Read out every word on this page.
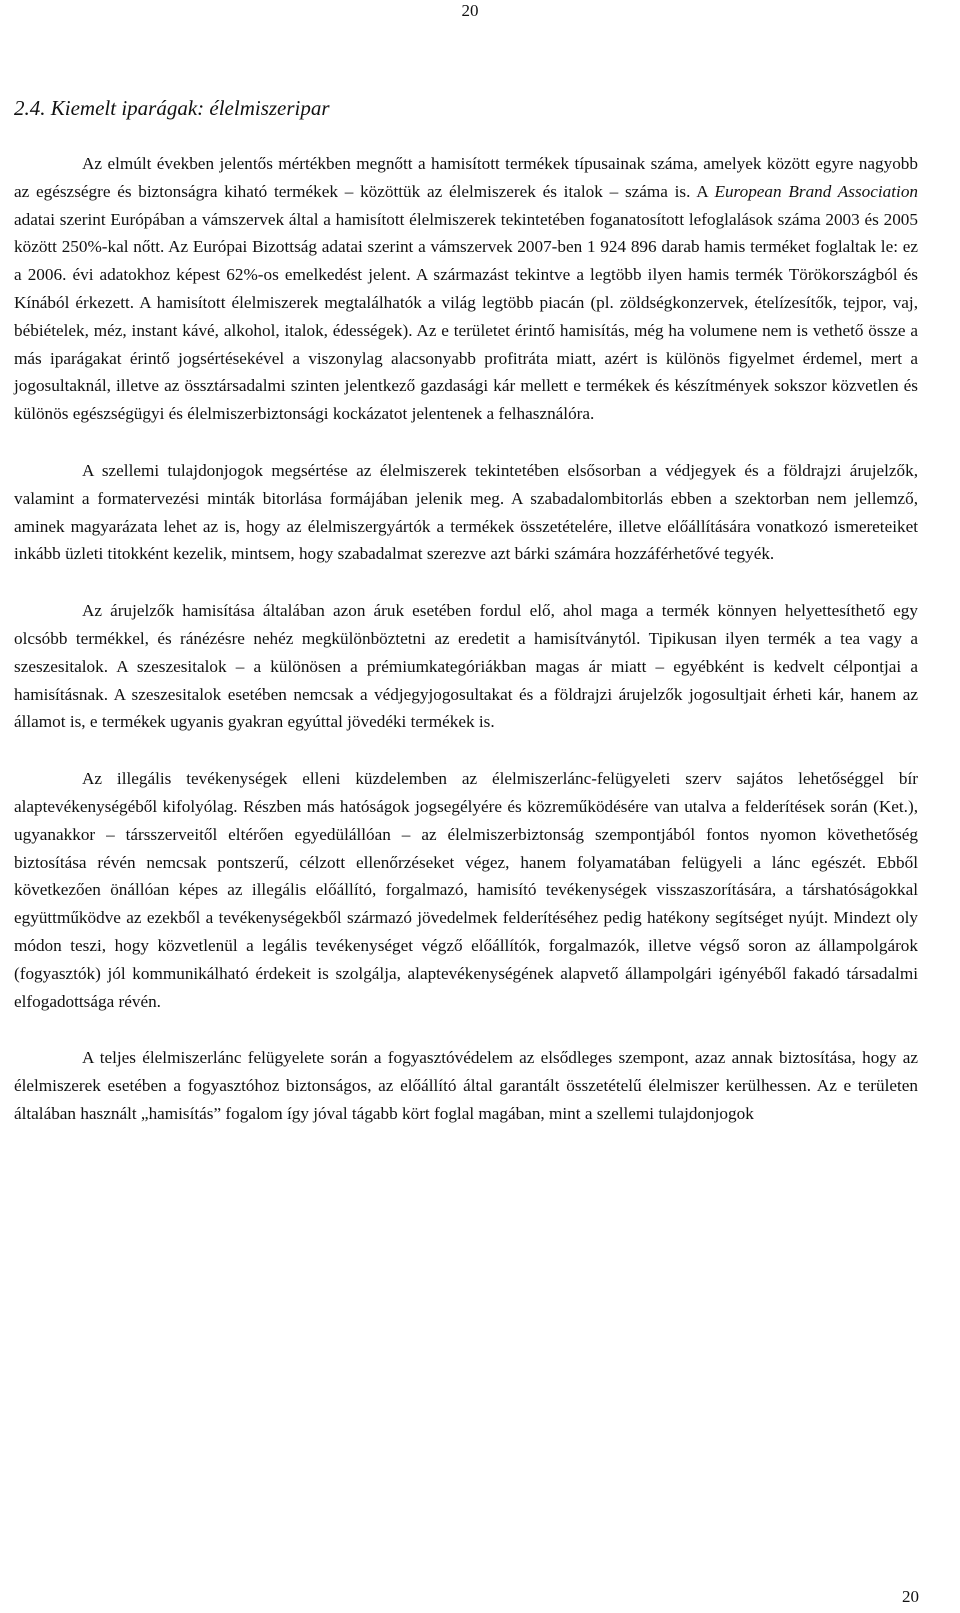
20
2.4. Kiemelt iparágak: élelmiszeripar

Az elmúlt években jelentős mértékben megnőtt a hamisított termékek típusainak száma, amelyek között egyre nagyobb az egészségre és biztonságra kiható termékek – közöttük az élelmiszerek és italok – száma is. A European Brand Association adatai szerint Európában a vámszervek által a hamisított élelmiszerek tekintetében foganatosított lefoglalások száma 2003 és 2005 között 250%-kal nőtt. Az Európai Bizottság adatai szerint a vámszervek 2007-ben 1 924 896 darab hamis terméket foglaltak le: ez a 2006. évi adatokhoz képest 62%-os emelkedést jelent. A származást tekintve a legtöbb ilyen hamis termék Törökországból és Kínából érkezett. A hamisított élelmiszerek megtalálhatók a világ legtöbb piacán (pl. zöldségkonzervek, ételízesítők, tejpor, vaj, bébiételek, méz, instant kávé, alkohol, italok, édességek). Az e területet érintő hamisítás, még ha volumene nem is vethető össze a más iparágakat érintő jogsértésekével a viszonylag alacsonyabb profitráta miatt, azért is különös figyelmet érdemel, mert a jogosultaknál, illetve az össztársadalmi szinten jelentkező gazdasági kár mellett e termékek és készítmények sokszor közvetlen és különös egészségügyi és élelmiszerbiztonsági kockázatot jelentenek a felhasználóra.

A szellemi tulajdonjogok megsértése az élelmiszerek tekintetében elsősorban a védjegyek és a földrajzi árujelzők, valamint a formatervezési minták bitorlása formájában jelenik meg. A szabadalombitorlás ebben a szektorban nem jellemző, aminek magyarázata lehet az is, hogy az élelmiszergyártók a termékek összetételére, illetve előállítására vonatkozó ismereteiket inkább üzleti titokként kezelik, mintsem, hogy szabadalmat szerezve azt bárki számára hozzáférhetővé tegyék.

Az árujelzők hamisítása általában azon áruk esetében fordul elő, ahol maga a termék könnyen helyettesíthető egy olcsóbb termékkel, és ránézésre nehéz megkülönböztetni az eredetit a hamisítványtól. Tipikusan ilyen termék a tea vagy a szeszesitalok. A szeszesitalok – a különösen a prémiumkategóriákban magas ár miatt – egyébként is kedvelt célpontjai a hamisításnak. A szeszesitalok esetében nemcsak a védjegyjogosultakat és a földrajzi árujelzők jogosultjait érheti kár, hanem az államot is, e termékek ugyanis gyakran egyúttal jövedéki termékek is.

Az illegális tevékenységek elleni küzdelemben az élelmiszerlánc-felügyeleti szerv sajátos lehetőséggel bír alaptevékenységéből kifolyólag. Részben más hatóságok jogsegélyére és közreműködésére van utalva a felderítések során (Ket.), ugyanakkor – társszerveitől eltérően egyedülállóan – az élelmiszerbiztonság szempontjából fontos nyomon követhetőség biztosítása révén nemcsak pontszerű, célzott ellenőrzéseket végez, hanem folyamatában felügyeli a lánc egészét. Ebből következően önállóan képes az illegális előállító, forgalmazó, hamisító tevékenységek visszaszorítására, a társhatóságokkal együttműködve az ezekből a tevékenységekből származó jövedelmek felderítéséhez pedig hatékony segítséget nyújt. Mindezt oly módon teszi, hogy közvetlenül a legális tevékenységet végző előállítók, forgalmazók, illetve végső soron az állampolgárok (fogyasztók) jól kommunikálható érdekeit is szolgálja, alaptevékenységének alapvető állampolgári igényéből fakadó társadalmi elfogadottsága révén.

A teljes élelmiszerlánc felügyelete során a fogyasztóvédelem az elsődleges szempont, azaz annak biztosítása, hogy az élelmiszerek esetében a fogyasztóhoz biztonságos, az előállító által garantált összetételű élelmiszer kerülhessen. Az e területen általában használt „hamisítás” fogalom így jóval tágabb kört foglal magában, mint a szellemi tulajdonjogok

20
